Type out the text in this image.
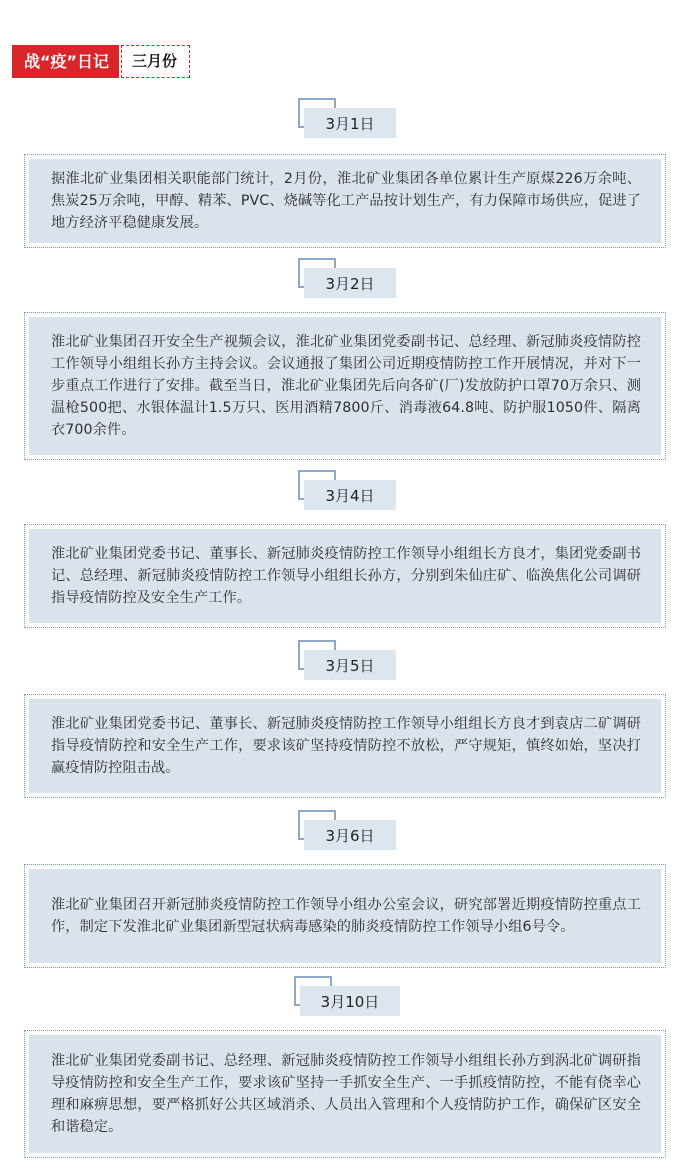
战“疫”日记	三月份
3月1日

据淮北矿业集团相关职能部门统计，2月份，淮北矿业集团各单位累计生产原煤226万余吨、焦炭25万余吨，甲醇、精苯、PVC、烧碱等化工产品按计划生产，有力保障市场供应，促进了地方经济平稳健康发展。

3月2日

淮北矿业集团召开安全生产视频会议，淮北矿业集团党委副书记、总经理、新冠肺炎疫情防控工作领导小组组长孙方主持会议。会议通报了集团公司近期疫情防控工作开展情况，并对下一步重点工作进行了安排。截至当日，淮北矿业集团先后向各矿(厂)发放防护口罩70万余只、测温枪500把、水银体温计1.5万只、医用酒精7800斤、消毒液64.8吨、防护服1050件、隔离衣700余件。

3月4日

淮北矿业集团党委书记、董事长、新冠肺炎疫情防控工作领导小组组长方良才，集团党委副书记、总经理、新冠肺炎疫情防控工作领导小组组长孙方，分别到朱仙庄矿、临涣焦化公司调研指导疫情防控及安全生产工作。

3月5日

淮北矿业集团党委书记、董事长、新冠肺炎疫情防控工作领导小组组长方良才到袁店二矿调研指导疫情防控和安全生产工作，要求该矿坚持疫情防控不放松，严守规矩，慎终如始，坚决打赢疫情防控阻击战。

3月6日

淮北矿业集团召开新冠肺炎疫情防控工作领导小组办公室会议，研究部署近期疫情防控重点工作，制定下发淮北矿业集团新型冠状病毒感染的肺炎疫情防控工作领导小组6号令。

3月10日

淮北矿业集团党委副书记、总经理、新冠肺炎疫情防控工作领导小组组长孙方到涡北矿调研指导疫情防控和安全生产工作，要求该矿坚持一手抓安全生产、一手抓疫情防控，不能有侥幸心理和麻痹思想，要严格抓好公共区域消杀、人员出入管理和个人疫情防护工作，确保矿区安全和谐稳定。
